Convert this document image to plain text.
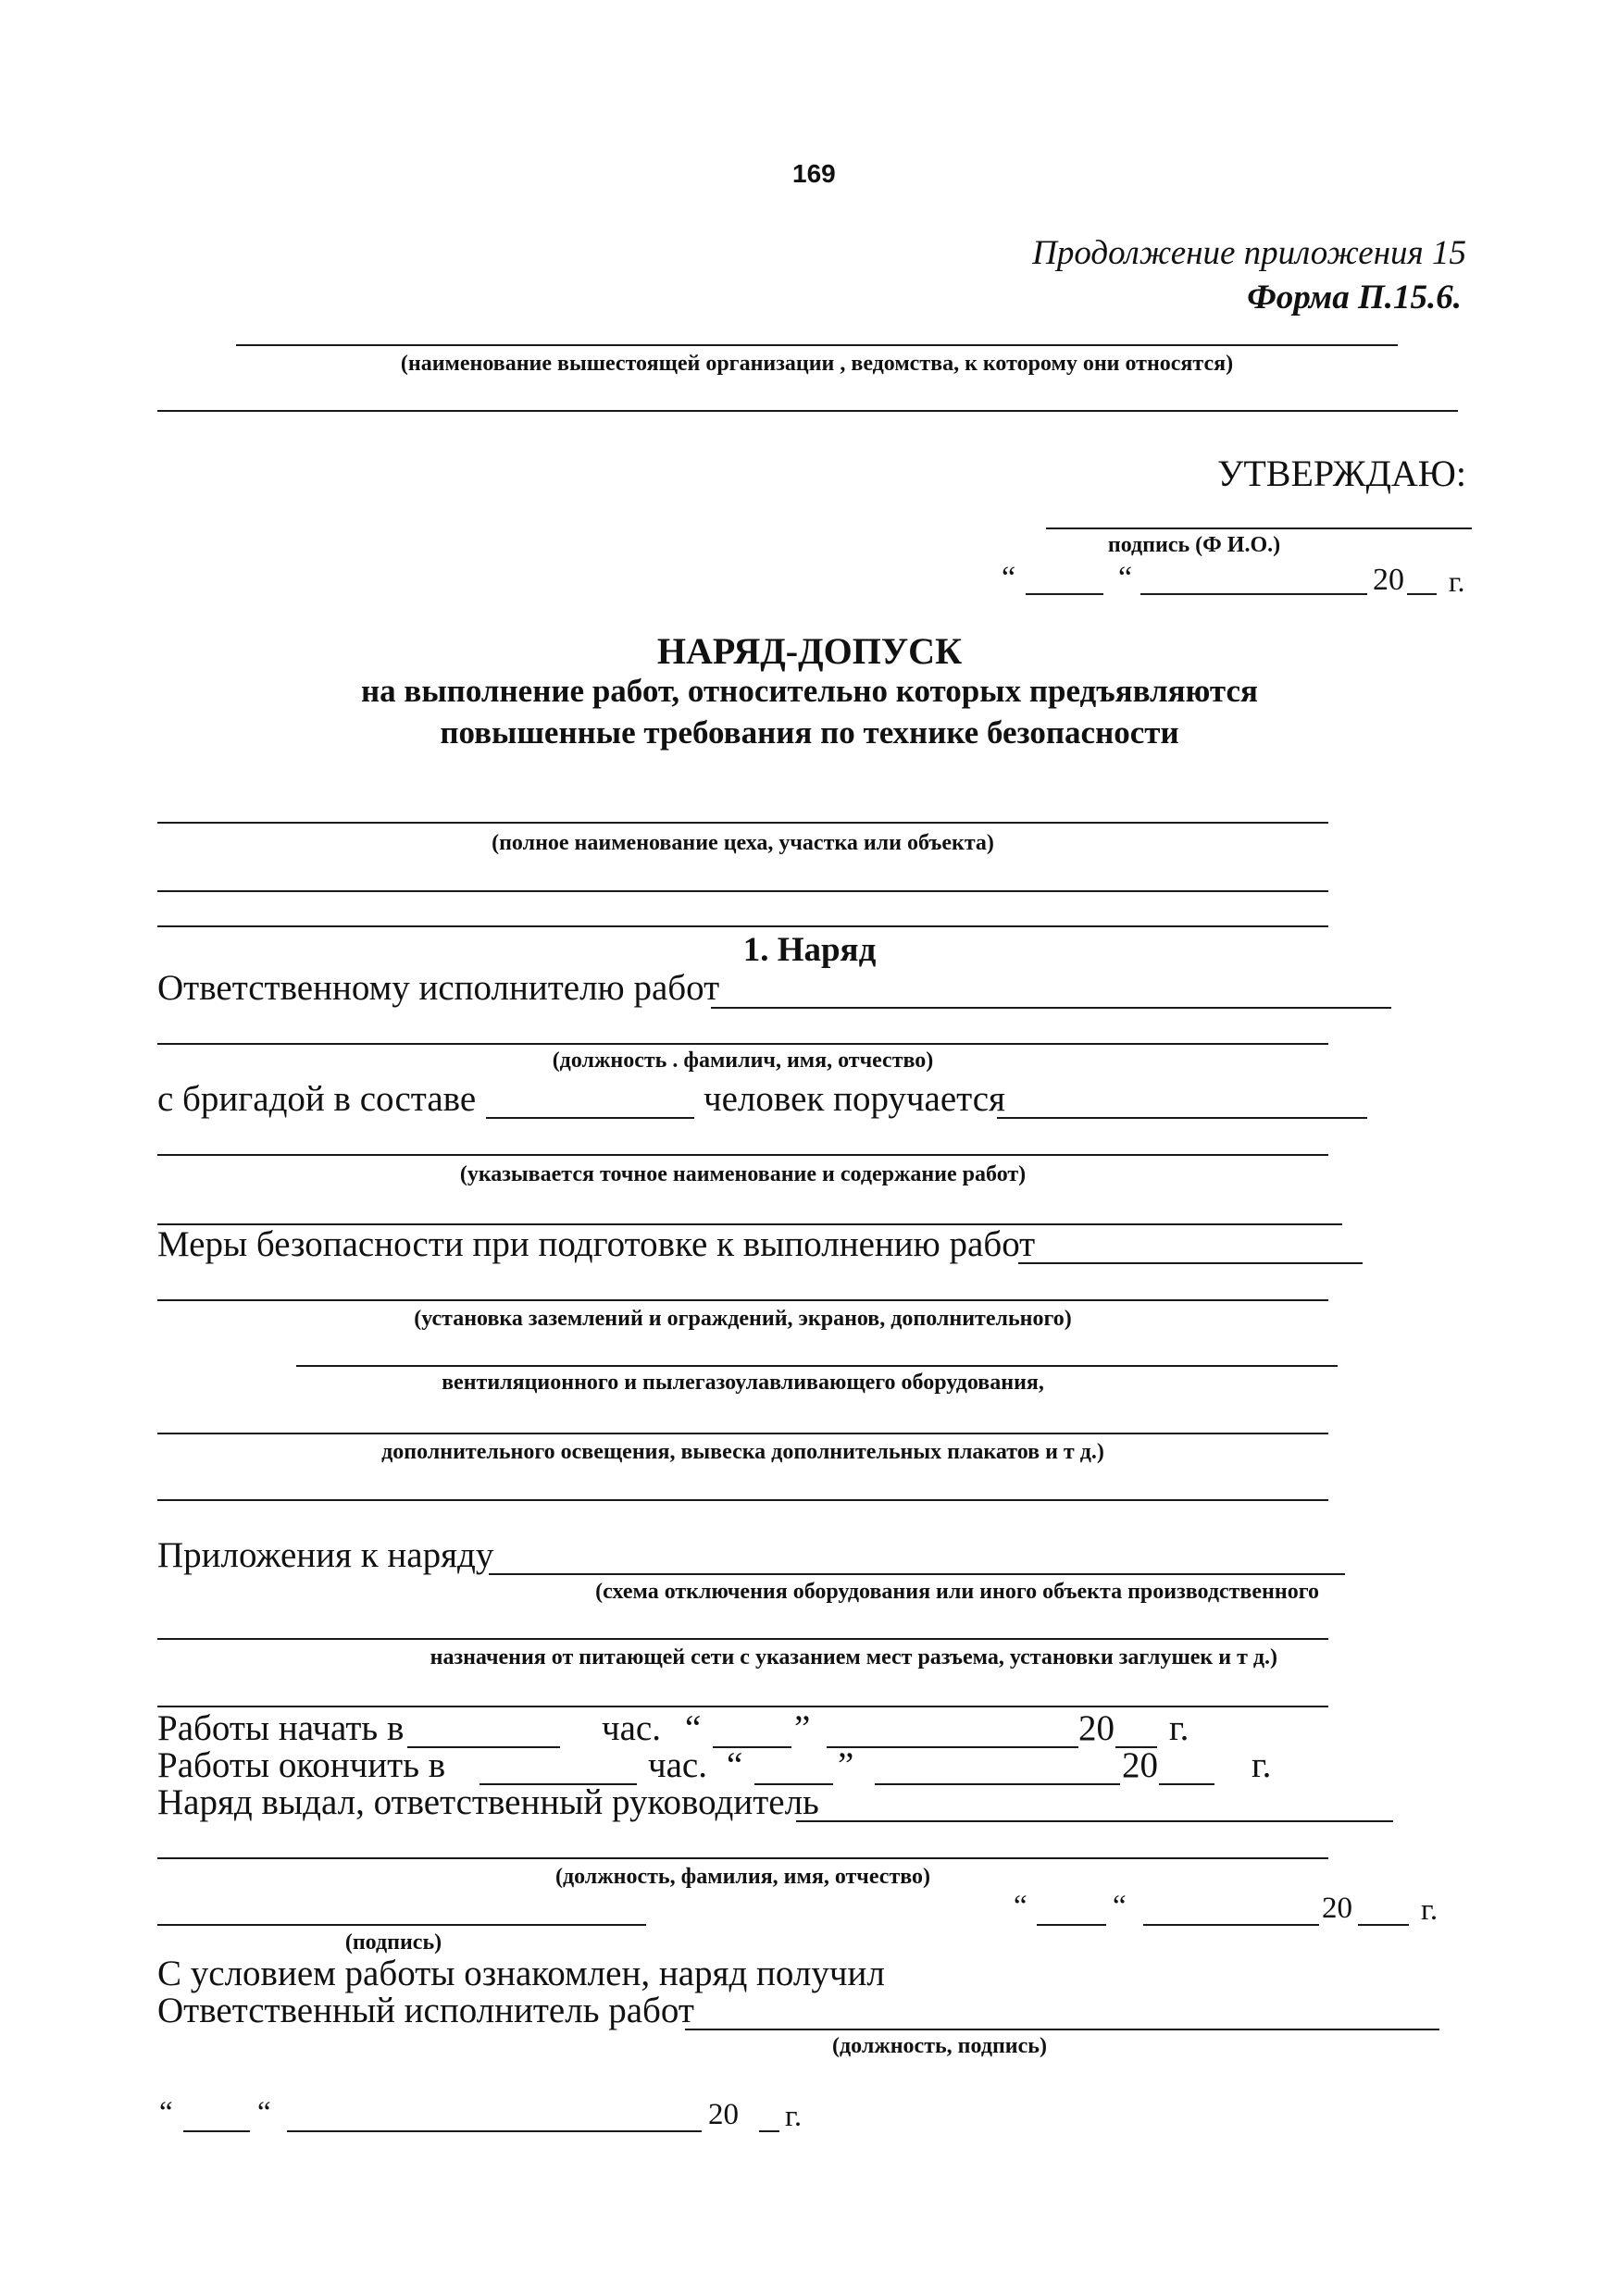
169
Продолжение приложения 15
Форма П.15.6.
(наименование вышестоящей организации , ведомства, к которому они относятся)
УТВЕРЖДАЮ:
подпись (Ф И.О.)
“	“	20 г.
НАРЯД-ДОПУСК
на выполнение работ, относительно которых предъявляются
повышенные требования по технике безопасности
(полное наименование цеха, участка или объекта)
1. Наряд
Ответственному исполнителю работ
(должность . фамилич, имя, отчество)
с бригадой в составе	человек поручается
(указывается точное наименование и содержание работ)
Меры безопасности при подготовке к выполнению работ
(установка заземлений и ограждений, экранов, дополнительного)
вентиляционного и пылегазоулавливающего оборудования,
дополнительного освещения, вывеска дополнительных плакатов и т д.)
Приложения к наряду
(схема отключения оборудования или иного объекта производственного
назначения от питающей сети с указанием мест разъема, установки заглушек и т д.)
Работы начать в	час. “	”	20 г.
Работы окончить в	час. “	”	20	г.
Наряд выдал, ответственный руководитель
(должность, фамилия, имя, отчество)
(подпись)
“	“	20 г.
С условием работы ознакомлен, наряд получил
Ответственный исполнитель работ
(должность, подпись)
“	“	20 г.
